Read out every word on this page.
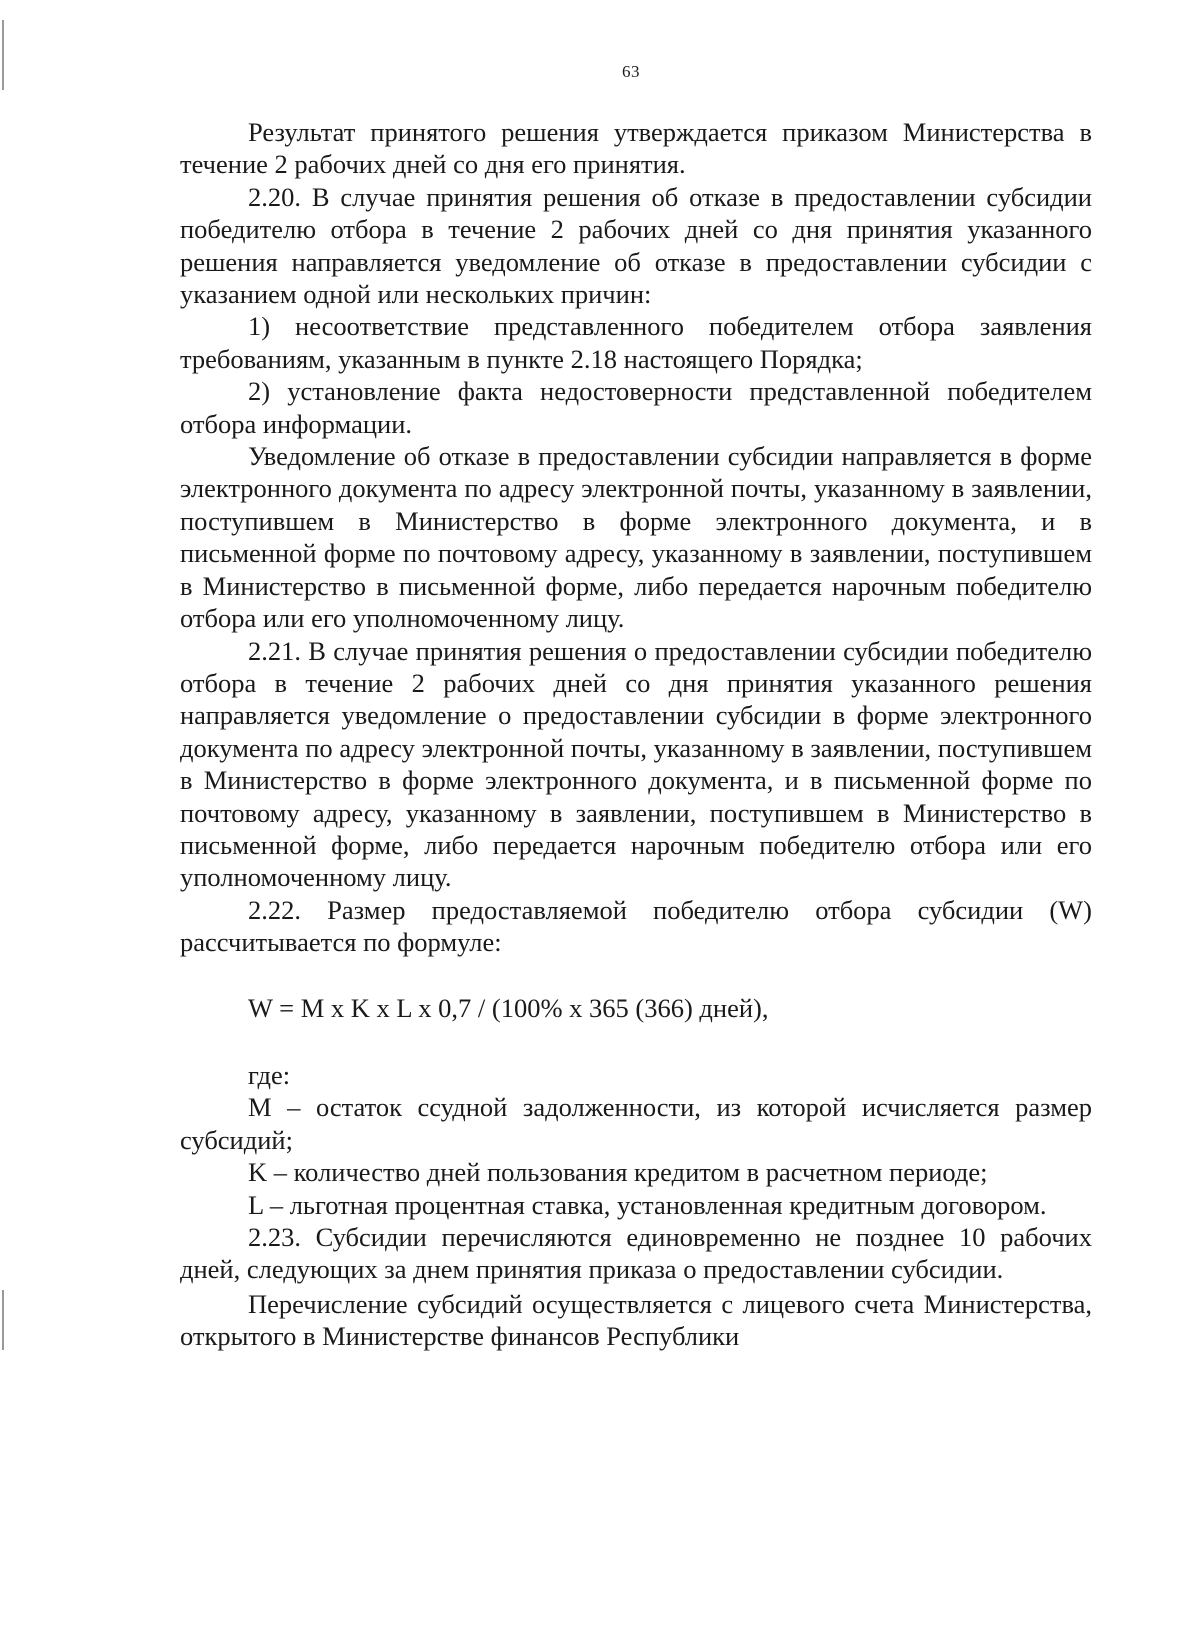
63

Результат принятого решения утверждается приказом Министерства в течение 2 рабочих дней со дня его принятия.

2.20. В случае принятия решения об отказе в предоставлении субсидии победителю отбора в течение 2 рабочих дней со дня принятия указанного решения направляется уведомление об отказе в предоставлении субсидии с указанием одной или нескольких причин:

1) несоответствие представленного победителем отбора заявления требованиям, указанным в пункте 2.18 настоящего Порядка;

2) установление факта недостоверности представленной победителем отбора информации.

Уведомление об отказе в предоставлении субсидии направляется в форме электронного документа по адресу электронной почты, указанному в заявлении, поступившем в Министерство в форме электронного документа, и в письменной форме по почтовому адресу, указанному в заявлении, поступившем в Министерство в письменной форме, либо передается нарочным победителю отбора или его уполномоченному лицу.

2.21. В случае принятия решения о предоставлении субсидии победителю отбора в течение 2 рабочих дней со дня принятия указанного решения направляется уведомление о предоставлении субсидии в форме электронного документа по адресу электронной почты, указанному в заявлении, поступившем в Министерство в форме электронного документа, и в письменной форме по почтовому адресу, указанному в заявлении, поступившем в Министерство в письменной форме, либо передается нарочным победителю отбора или его уполномоченному лицу.

2.22. Размер предоставляемой победителю отбора субсидии (W) рассчитывается по формуле:

W = M x K x L x 0,7 / (100% x 365 (366) дней),

где:

M – остаток ссудной задолженности, из которой исчисляется размер субсидий;

K – количество дней пользования кредитом в расчетном периоде;

L – льготная процентная ставка, установленная кредитным договором.

2.23. Субсидии перечисляются единовременно не позднее 10 рабочих дней, следующих за днем принятия приказа о предоставлении субсидии.

Перечисление субсидий осуществляется с лицевого счета Министерства, открытого в Министерстве финансов Республики
